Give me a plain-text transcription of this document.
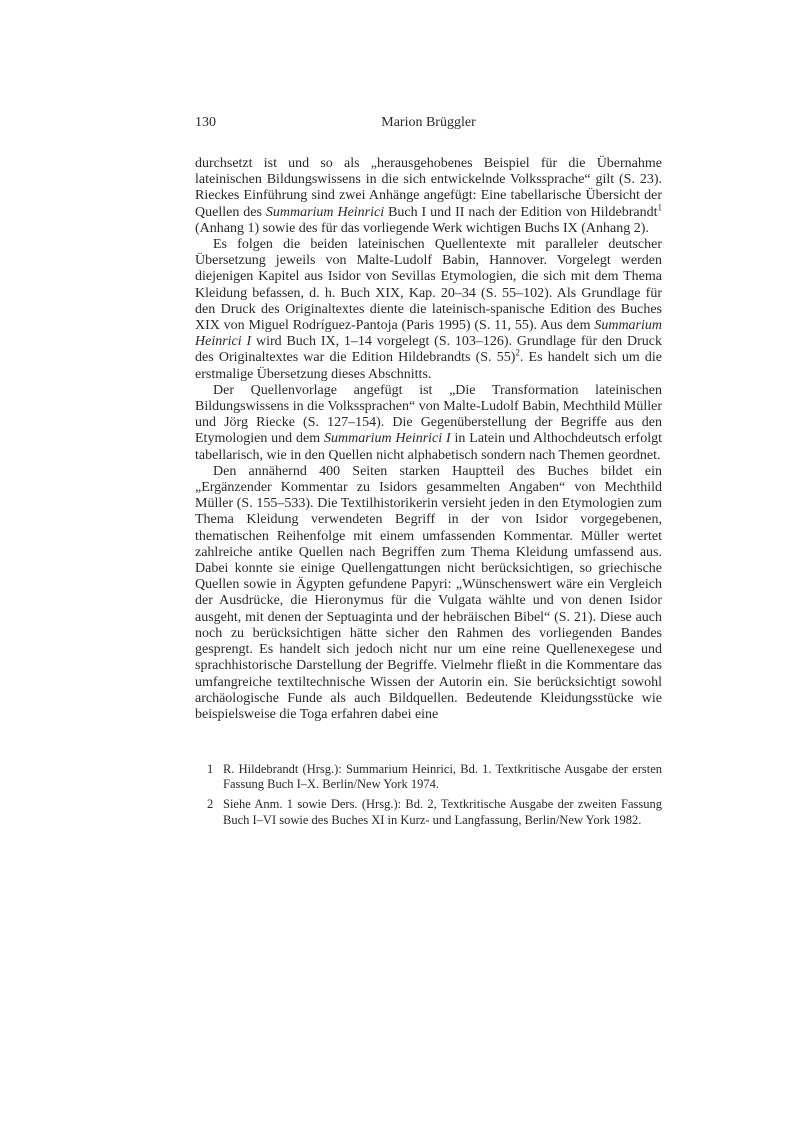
130	Marion Brüggler

durchsetzt ist und so als „herausgehobenes Beispiel für die Übernahme lateinischen Bildungswissens in die sich entwickelnde Volkssprache“ gilt (S. 23). Rieckes Einführung sind zwei Anhänge angefügt: Eine tabellarische Übersicht der Quellen des Summarium Heinrici Buch I und II nach der Edition von Hildebrandt$^1$ (Anhang 1) sowie des für das vorliegende Werk wichtigen Buchs IX (Anhang 2).

Es folgen die beiden lateinischen Quellentexte mit paralleler deutscher Übersetzung jeweils von Malte-Ludolf Babin, Hannover. Vorgelegt werden diejenigen Kapitel aus Isidor von Sevillas Etymologien, die sich mit dem Thema Kleidung befassen, d. h. Buch XIX, Kap. 20–34 (S. 55–102). Als Grundlage für den Druck des Originaltextes diente die lateinisch-spanische Edition des Buches XIX von Miguel Rodríguez-Pantoja (Paris 1995) (S. 11, 55). Aus dem Summarium Heinrici I wird Buch IX, 1–14 vorgelegt (S. 103–126). Grundlage für den Druck des Originaltextes war die Edition Hildebrandts (S. 55)$^2$. Es handelt sich um die erstmalige Übersetzung dieses Abschnitts.

Der Quellenvorlage angefügt ist „Die Transformation lateinischen Bildungswissens in die Volkssprachen“ von Malte-Ludolf Babin, Mechthild Müller und Jörg Riecke (S. 127–154). Die Gegenüberstellung der Begriffe aus den Etymologien und dem Summarium Heinrici I in Latein und Althochdeutsch erfolgt tabellarisch, wie in den Quellen nicht alphabetisch sondern nach Themen geordnet.

Den annähernd 400 Seiten starken Hauptteil des Buches bildet ein „Ergänzender Kommentar zu Isidors gesammelten Angaben“ von Mechthild Müller (S. 155–533). Die Textilhistorikerin versieht jeden in den Etymologien zum Thema Kleidung verwendeten Begriff in der von Isidor vorgegebenen, thematischen Reihenfolge mit einem umfassenden Kommentar. Müller wertet zahlreiche antike Quellen nach Begriffen zum Thema Kleidung umfassend aus. Dabei konnte sie einige Quellengattungen nicht berücksichtigen, so griechische Quellen sowie in Ägypten gefundene Papyri: „Wünschenswert wäre ein Vergleich der Ausdrücke, die Hieronymus für die Vulgata wählte und von denen Isidor ausgeht, mit denen der Septuaginta und der hebräischen Bibel“ (S. 21). Diese auch noch zu berücksichtigen hätte sicher den Rahmen des vorliegenden Bandes gesprengt. Es handelt sich jedoch nicht nur um eine reine Quellenexegese und sprachhistorische Darstellung der Begriffe. Vielmehr fließt in die Kommentare das umfangreiche textiltechnische Wissen der Autorin ein. Sie berücksichtigt sowohl archäologische Funde als auch Bildquellen. Bedeutende Kleidungsstücke wie beispielsweise die Toga erfahren dabei eine

1 R. Hildebrandt (Hrsg.): Summarium Heinrici, Bd. 1. Textkritische Ausgabe der ersten Fassung Buch I–X. Berlin/New York 1974.
2 Siehe Anm. 1 sowie Ders. (Hrsg.): Bd. 2, Textkritische Ausgabe der zweiten Fassung Buch I–VI sowie des Buches XI in Kurz- und Langfassung, Berlin/New York 1982.
